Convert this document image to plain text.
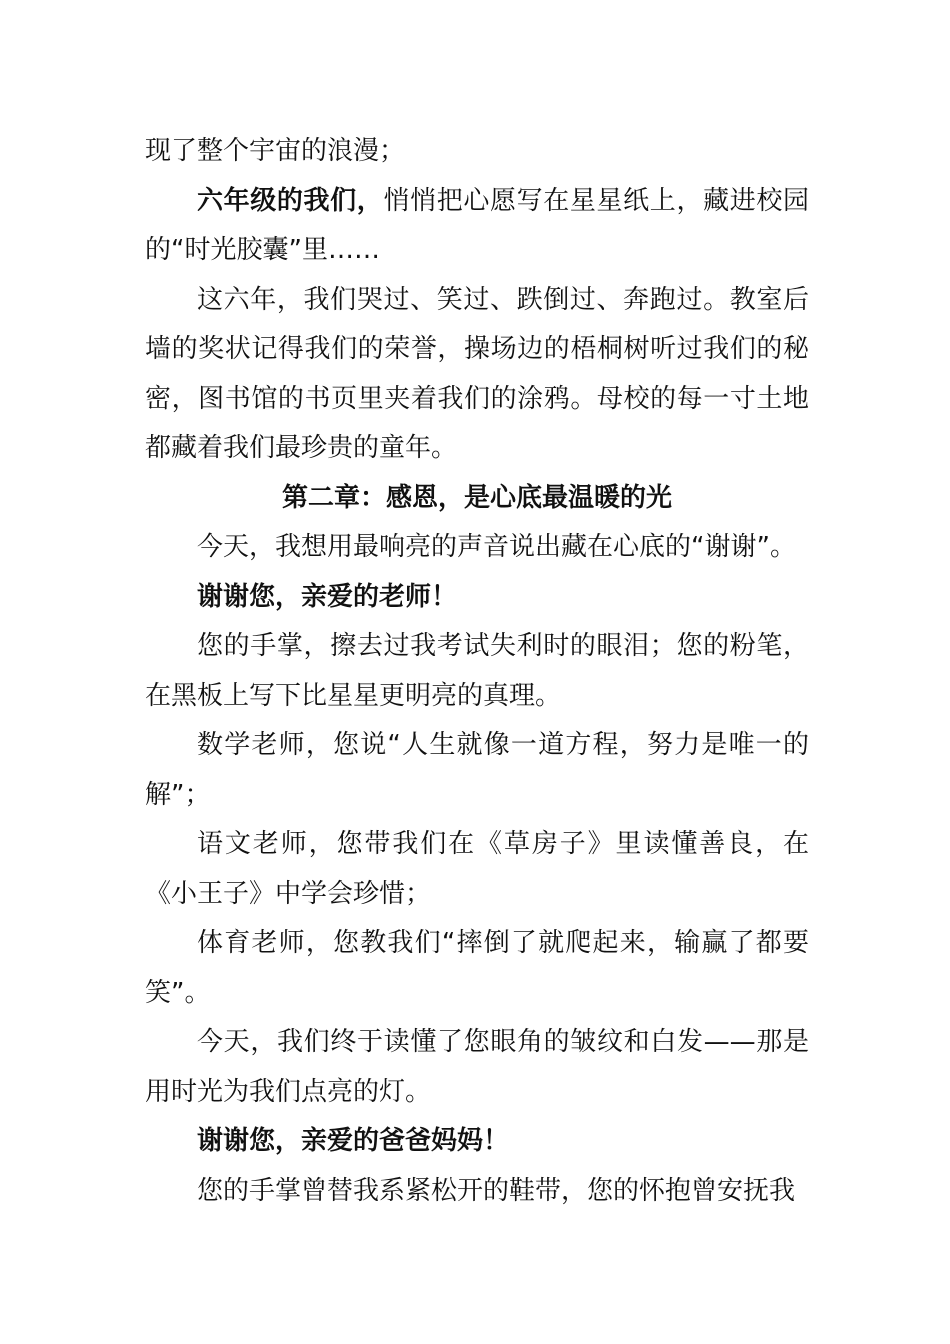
现了整个宇宙的浪漫；

六年级的我们，悄悄把心愿写在星星纸上，藏进校园的“时光胶囊”里……

这六年，我们哭过、笑过、跌倒过、奔跑过。教室后墙的奖状记得我们的荣誉，操场边的梧桐树听过我们的秘密，图书馆的书页里夹着我们的涂鸦。母校的每一寸土地都藏着我们最珍贵的童年。

第二章：感恩，是心底最温暖的光

今天，我想用最响亮的声音说出藏在心底的“谢谢”。

谢谢您，亲爱的老师！

您的手掌，擦去过我考试失利时的眼泪；您的粉笔，在黑板上写下比星星更明亮的真理。

数学老师，您说“人生就像一道方程，努力是唯一的解”；

语文老师，您带我们在《草房子》里读懂善良，在《小王子》中学会珍惜；

体育老师，您教我们“摔倒了就爬起来，输赢了都要笑”。

今天，我们终于读懂了您眼角的皱纹和白发——那是用时光为我们点亮的灯。

谢谢您，亲爱的爸爸妈妈！

您的手掌曾替我系紧松开的鞋带，您的怀抱曾安抚我
